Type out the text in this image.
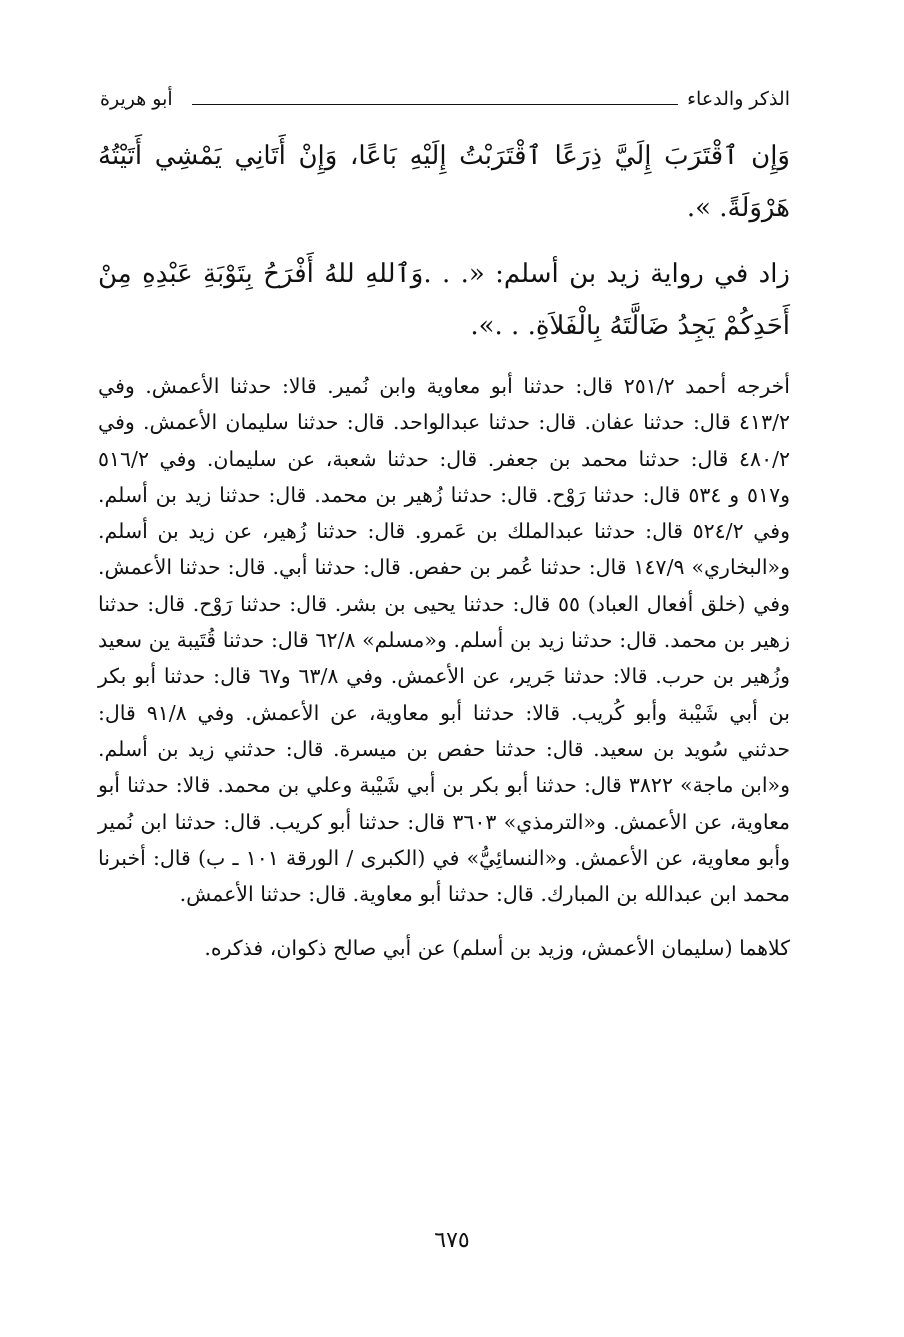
الذكر والدعاء
أبو هريرة

وَإِن ٱقْتَرَبَ إِلَيَّ ذِرَعًا ٱقْتَرَبْتُ إِلَيْهِ بَاعًا، وَإِنْ أَتَانِي يَمْشِي أَتَيْتُهُ هَرْوَلَةً. ».

زاد في رواية زيد بن أسلم: «. . .وَٱللهِ للهُ أَفْرَحُ بِتَوْبَةِ عَبْدِهِ مِنْ أَحَدِكُمْ يَجِدُ ضَالَّتَهُ بِالْفَلاَةِ. . .».

أخرجه أحمد ٢٥١/٢ قال: حدثنا أبو معاوية وابن نُمير. قالا: حدثنا الأعمش. وفي ٤١٣/٢ قال: حدثنا عفان. قال: حدثنا عبدالواحد. قال: حدثنا سليمان الأعمش. وفي ٤٨٠/٢ قال: حدثنا محمد بن جعفر. قال: حدثنا شعبة، عن سليمان. وفي ٥١٦/٢ و٥١٧ و ٥٣٤ قال: حدثنا رَوْح. قال: حدثنا زُهير بن محمد. قال: حدثنا زيد بن أسلم. وفي ٥٢٤/٢ قال: حدثنا عبدالملك بن عَمرو. قال: حدثنا زُهير، عن زيد بن أسلم. و«البخاري» ١٤٧/٩ قال: حدثنا عُمر بن حفص. قال: حدثنا أبي. قال: حدثنا الأعمش. وفي (خلق أفعال العباد) ٥٥ قال: حدثنا يحيى بن بشر. قال: حدثنا رَوْح. قال: حدثنا زهير بن محمد. قال: حدثنا زيد بن أسلم. و«مسلم» ٦٢/٨ قال: حدثنا قُتَيبة ين سعيد وزُهير بن حرب. قالا: حدثنا جَرير، عن الأعمش. وفي ٦٣/٨ و٦٧ قال: حدثنا أبو بكر بن أبي شَيْبة وأبو كُريب. قالا: حدثنا أبو معاوية، عن الأعمش. وفي ٩١/٨ قال: حدثني سُويد بن سعيد. قال: حدثنا حفص بن ميسرة. قال: حدثني زيد بن أسلم. و«ابن ماجة» ٣٨٢٢ قال: حدثنا أبو بكر بن أبي شَيْبة وعلي بن محمد. قالا: حدثنا أبو معاوية، عن الأعمش. و«الترمذي» ٣٦٠٣ قال: حدثنا أبو كريب. قال: حدثنا ابن نُمير وأبو معاوية، عن الأعمش. و«النسائِيُّ» في (الكبرى / الورقة ١٠١ ـ ب) قال: أخبرنا محمد ابن عبدالله بن المبارك. قال: حدثنا أبو معاوية. قال: حدثنا الأعمش.

كلاهما (سليمان الأعمش، وزيد بن أسلم) عن أبي صالح ذكوان، فذكره.

٦٧٥
